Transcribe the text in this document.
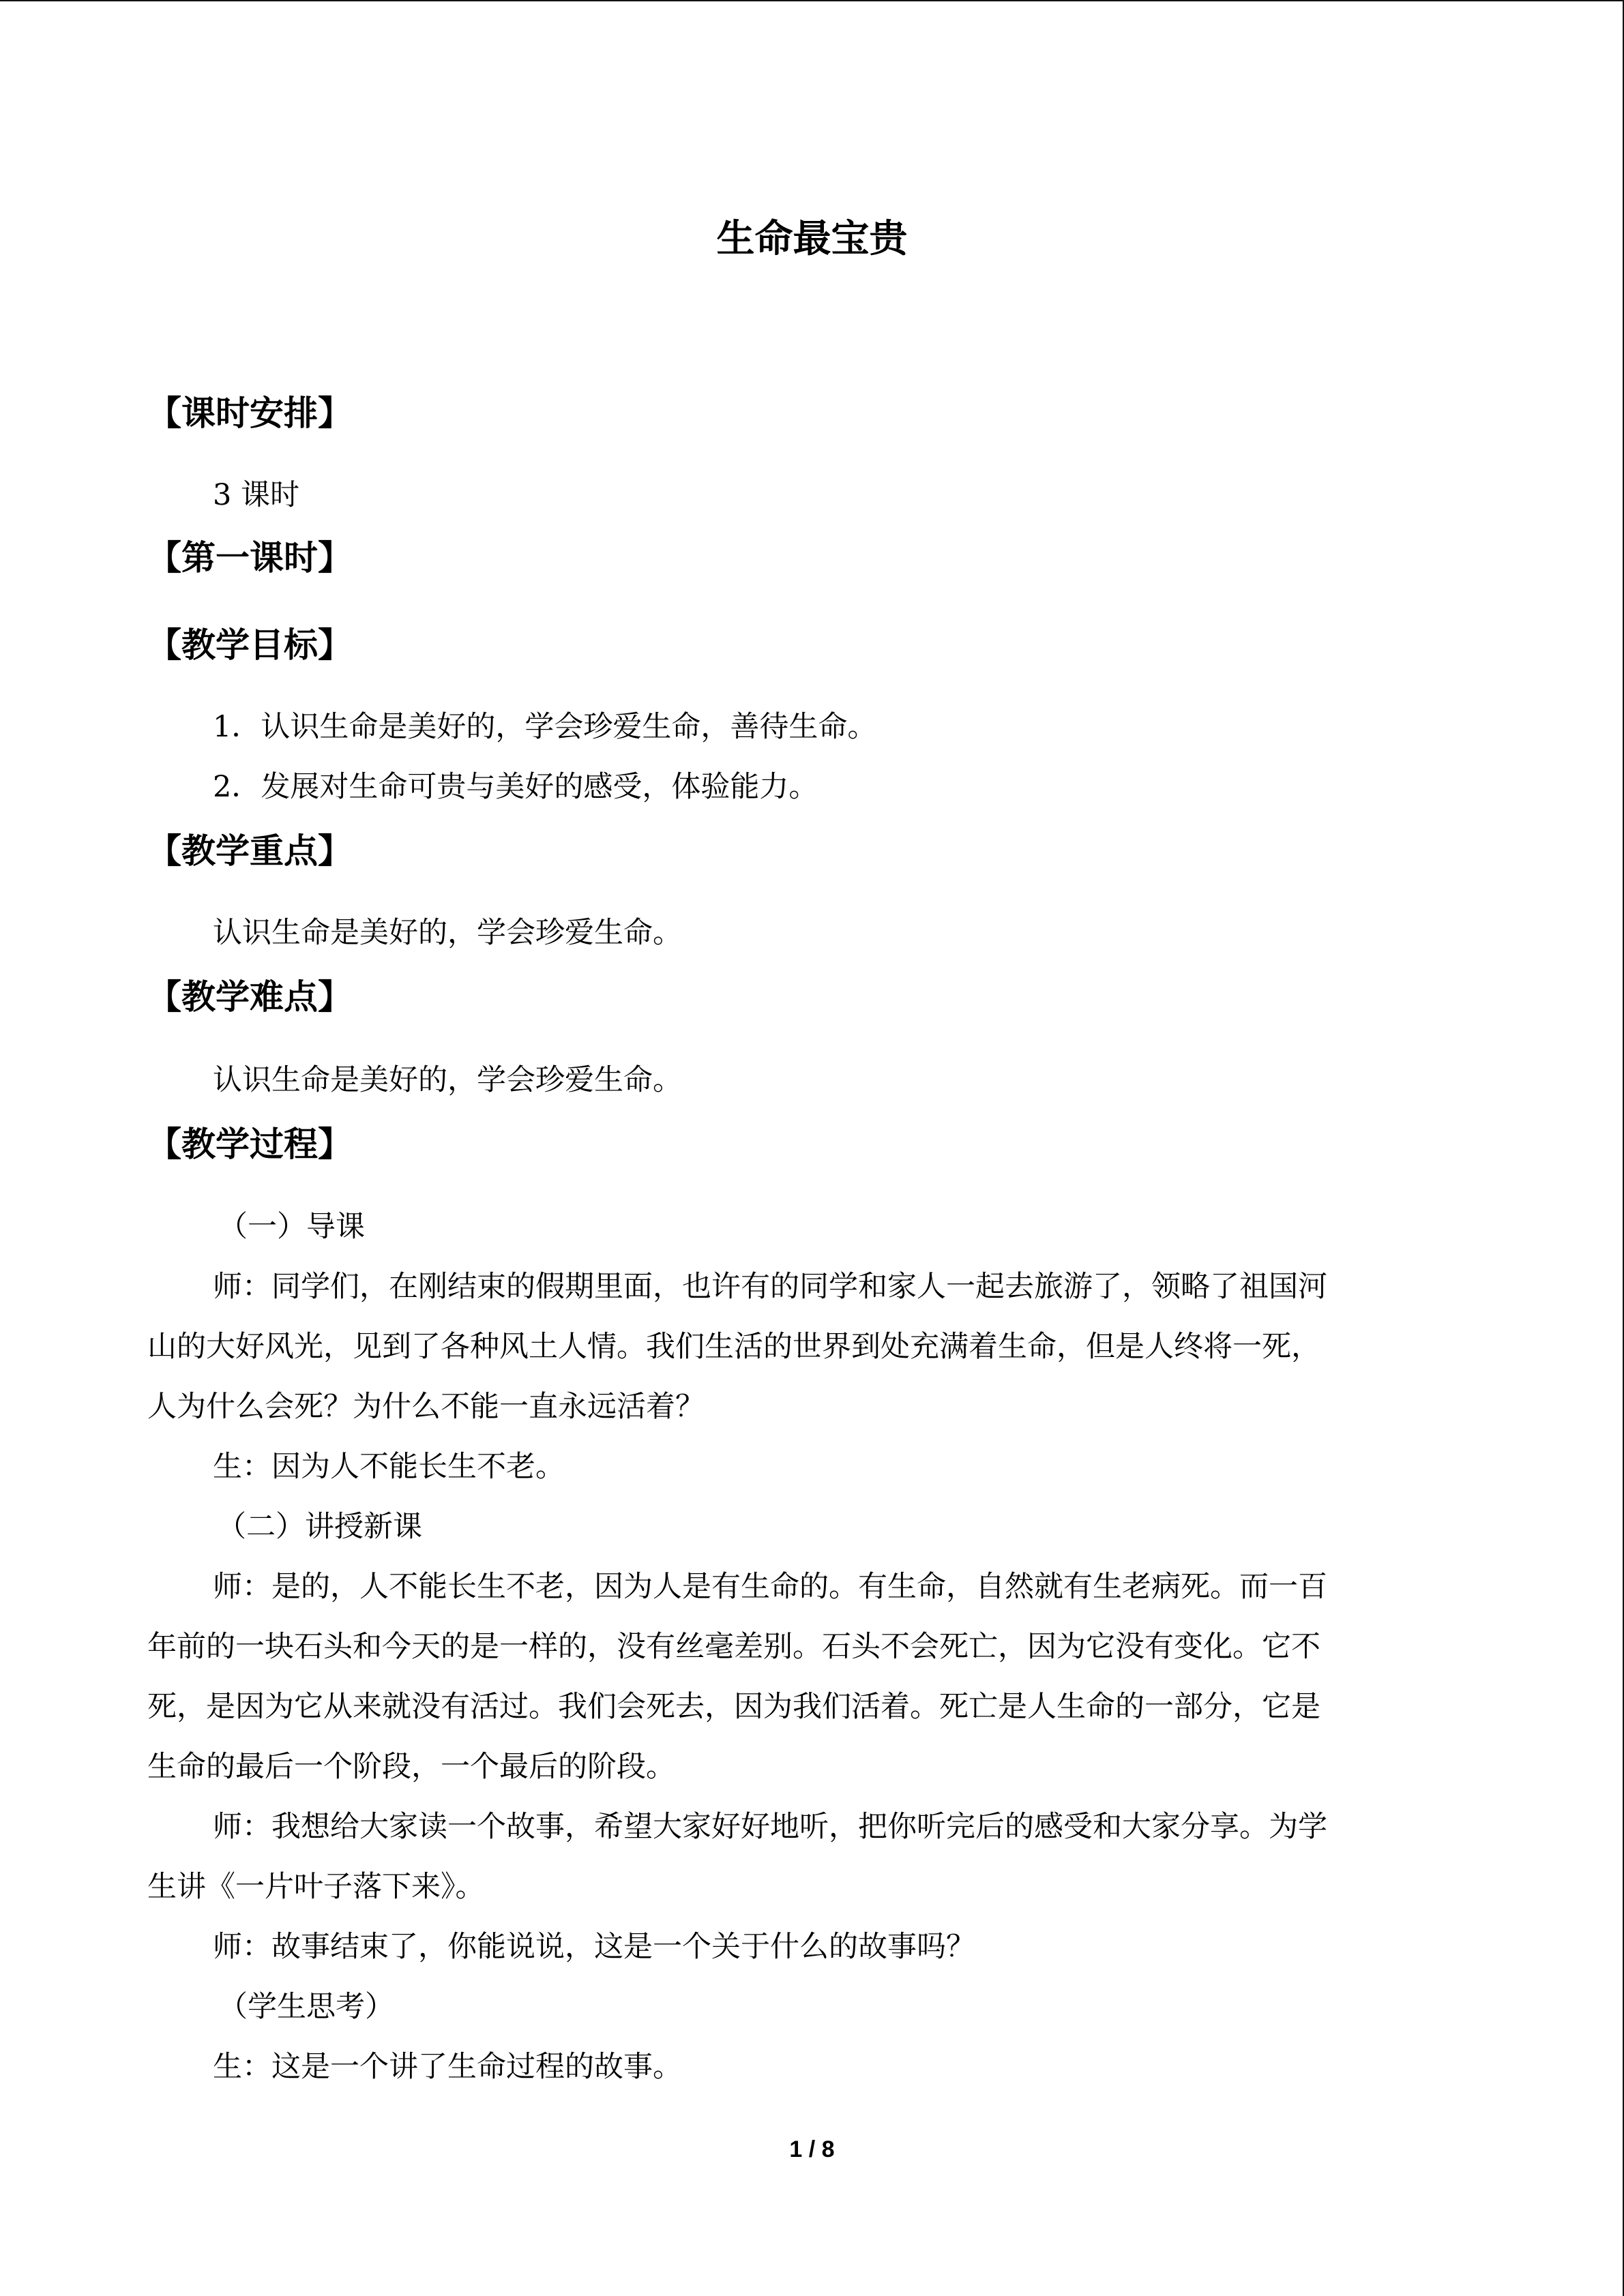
生命最宝贵
【课时安排】
3 课时
【第一课时】
【教学目标】
1．认识生命是美好的，学会珍爱生命，善待生命。
2．发展对生命可贵与美好的感受，体验能力。
【教学重点】
认识生命是美好的，学会珍爱生命。
【教学难点】
认识生命是美好的，学会珍爱生命。
【教学过程】
（一）导课
师：同学们，在刚结束的假期里面，也许有的同学和家人一起去旅游了，领略了祖国河
山的大好风光，见到了各种风土人情。我们生活的世界到处充满着生命，但是人终将一死，
人为什么会死？为什么不能一直永远活着？
生：因为人不能长生不老。
（二）讲授新课
师：是的，人不能长生不老，因为人是有生命的。有生命，自然就有生老病死。而一百
年前的一块石头和今天的是一样的，没有丝毫差别。石头不会死亡，因为它没有变化。它不
死，是因为它从来就没有活过。我们会死去，因为我们活着。死亡是人生命的一部分，它是
生命的最后一个阶段，一个最后的阶段。
师：我想给大家读一个故事，希望大家好好地听，把你听完后的感受和大家分享。为学
生讲《一片叶子落下来》。
师：故事结束了，你能说说，这是一个关于什么的故事吗？
（学生思考）
生：这是一个讲了生命过程的故事。
1 / 8
